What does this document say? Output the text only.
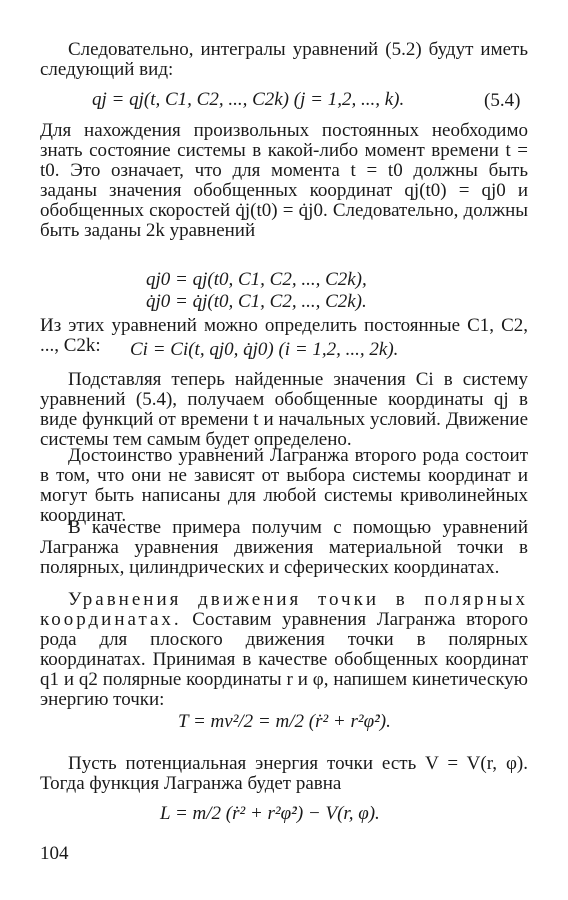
Следовательно, интегралы уравнений (5.2) будут иметь следующий вид:

qj = qj(t, C1, C2, ..., C2k) (j = 1,2, ..., k).	(5.4)

Для нахождения произвольных постоянных необходимо знать состояние системы в какой-либо момент времени t = t0. Это означает, что для момента t = t0 должны быть заданы значения обобщенных координат qj(t0) = qj0 и обобщенных скоростей q̇j(t0) = q̇j0. Следовательно, должны быть заданы 2k уравнений

qj0 = qj(t0, C1, C2, ..., C2k),
q̇j0 = q̇j(t0, C1, C2, ..., C2k).

Из этих уравнений можно определить постоянные C1, C2, ..., C2k:	Ci = Ci(t, qj0, q̇j0) (i = 1,2, ..., 2k).

Подставляя теперь найденные значения Ci в систему уравнений (5.4), получаем обобщенные координаты qj в виде функций от времени t и начальных условий. Движение системы тем самым будет определено.

Достоинство уравнений Лагранжа второго рода состоит в том, что они не зависят от выбора системы координат и могут быть написаны для любой системы криволинейных координат.

В качестве примера получим с помощью уравнений Лагранжа уравнения движения материальной точки в полярных, цилиндрических и сферических координатах.

Уравнения движения точки в полярных координатах. Составим уравнения Лагранжа второго рода для плоского движения точки в полярных координатах. Принимая в качестве обобщенных координат q1 и q2 полярные координаты r и φ, напишем кинетическую энергию точки:

T = mv²/2 = m/2 (ṙ² + r²φ̇²).

Пусть потенциальная энергия точки есть V = V(r, φ). Тогда функция Лагранжа будет равна

L = m/2 (ṙ² + r²φ̇²) − V(r, φ).
104
